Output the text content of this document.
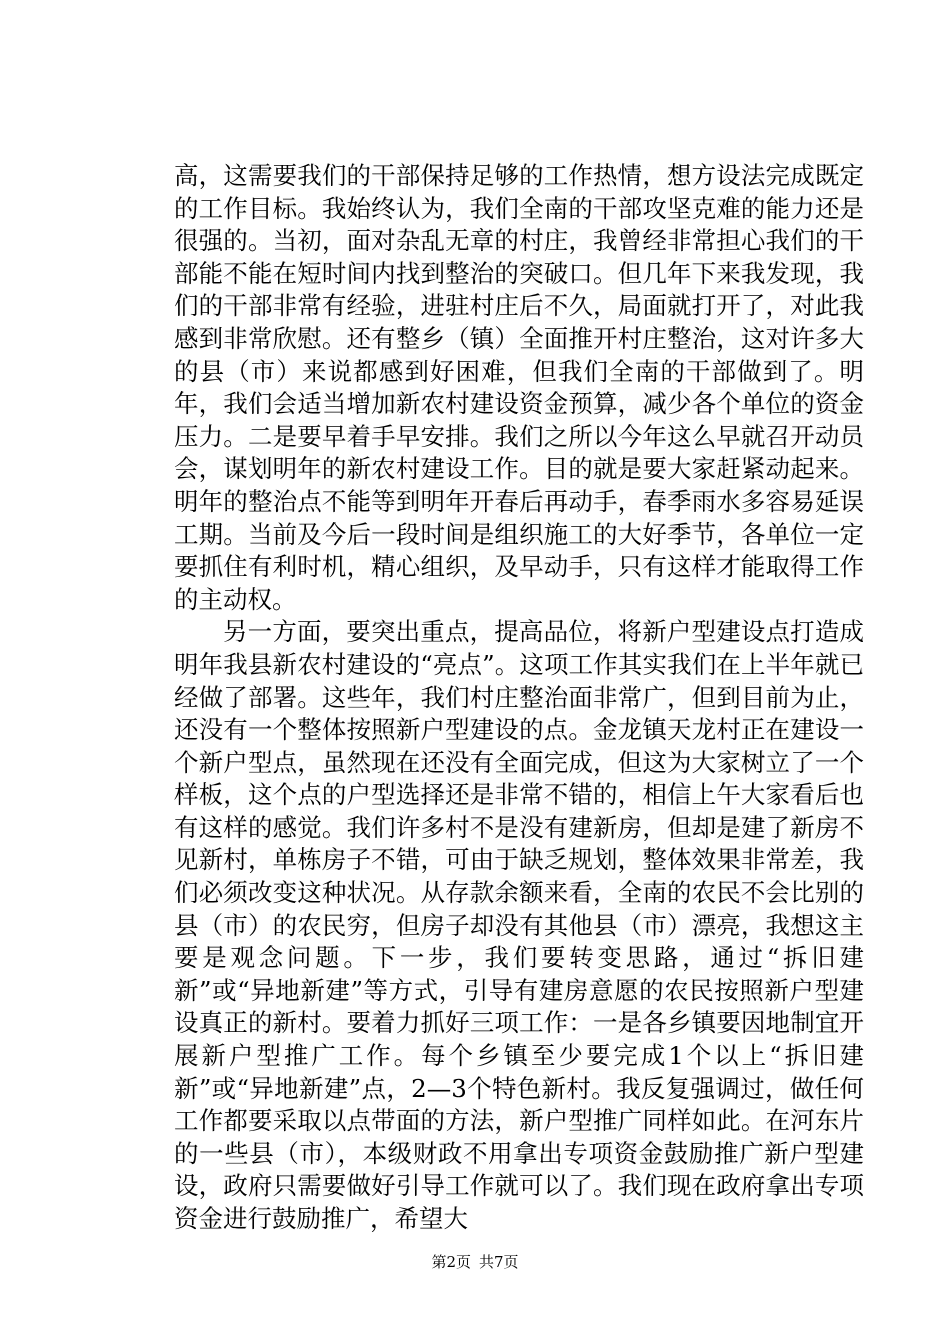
高，这需要我们的干部保持足够的工作热情，想方设法完成既定的工作目标。我始终认为，我们全南的干部攻坚克难的能力还是很强的。当初，面对杂乱无章的村庄，我曾经非常担心我们的干部能不能在短时间内找到整治的突破口。但几年下来我发现，我们的干部非常有经验，进驻村庄后不久，局面就打开了，对此我感到非常欣慰。还有整乡（镇）全面推开村庄整治，这对许多大的县（市）来说都感到好困难，但我们全南的干部做到了。明年，我们会适当增加新农村建设资金预算，减少各个单位的资金压力。二是要早着手早安排。我们之所以今年这么早就召开动员会，谋划明年的新农村建设工作。目的就是要大家赶紧动起来。明年的整治点不能等到明年开春后再动手，春季雨水多容易延误工期。当前及今后一段时间是组织施工的大好季节，各单位一定要抓住有利时机，精心组织，及早动手，只有这样才能取得工作的主动权。

另一方面，要突出重点，提高品位，将新户型建设点打造成明年我县新农村建设的“亮点”。这项工作其实我们在上半年就已经做了部署。这些年，我们村庄整治面非常广，但到目前为止，还没有一个整体按照新户型建设的点。金龙镇天龙村正在建设一个新户型点，虽然现在还没有全面完成，但这为大家树立了一个样板，这个点的户型选择还是非常不错的，相信上午大家看后也有这样的感觉。我们许多村不是没有建新房，但却是建了新房不见新村，单栋房子不错，可由于缺乏规划，整体效果非常差，我们必须改变这种状况。从存款余额来看，全南的农民不会比别的县（市）的农民穷，但房子却没有其他县（市）漂亮，我想这主要是观念问题。下一步，我们要转变思路，通过“拆旧建新”或“异地新建”等方式，引导有建房意愿的农民按照新户型建设真正的新村。要着力抓好三项工作：一是各乡镇要因地制宜开展新户型推广工作。每个乡镇至少要完成1个以上“拆旧建新”或“异地新建”点，2—3个特色新村。我反复强调过，做任何工作都要采取以点带面的方法，新户型推广同样如此。在河东片的一些县（市），本级财政不用拿出专项资金鼓励推广新户型建设，政府只需要做好引导工作就可以了。我们现在政府拿出专项资金进行鼓励推广，希望大

第2页 共7页
